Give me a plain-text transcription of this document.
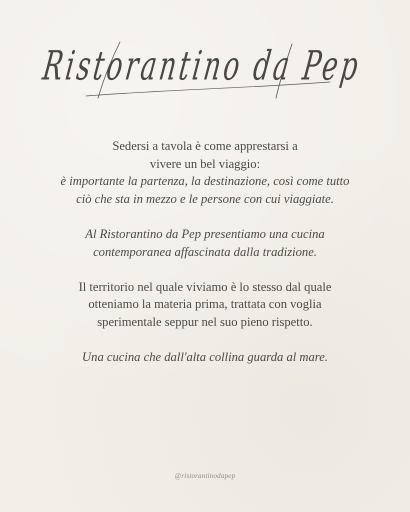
Ristorantino da Pep

Sedersi a tavola è come apprestarsi a
vivere un bel viaggio:
è importante la partenza, la destinazione, così come tutto ciò che sta in mezzo e le persone con cui viaggiate.

Al Ristorantino da Pep presentiamo una cucina contemporanea affascinata dalla tradizione.

Il territorio nel quale viviamo è lo stesso dal quale otteniamo la materia prima, trattata con voglia sperimentale seppur nel suo pieno rispetto.

Una cucina che dall'alta collina guarda al mare.

@ristorantinodapep
